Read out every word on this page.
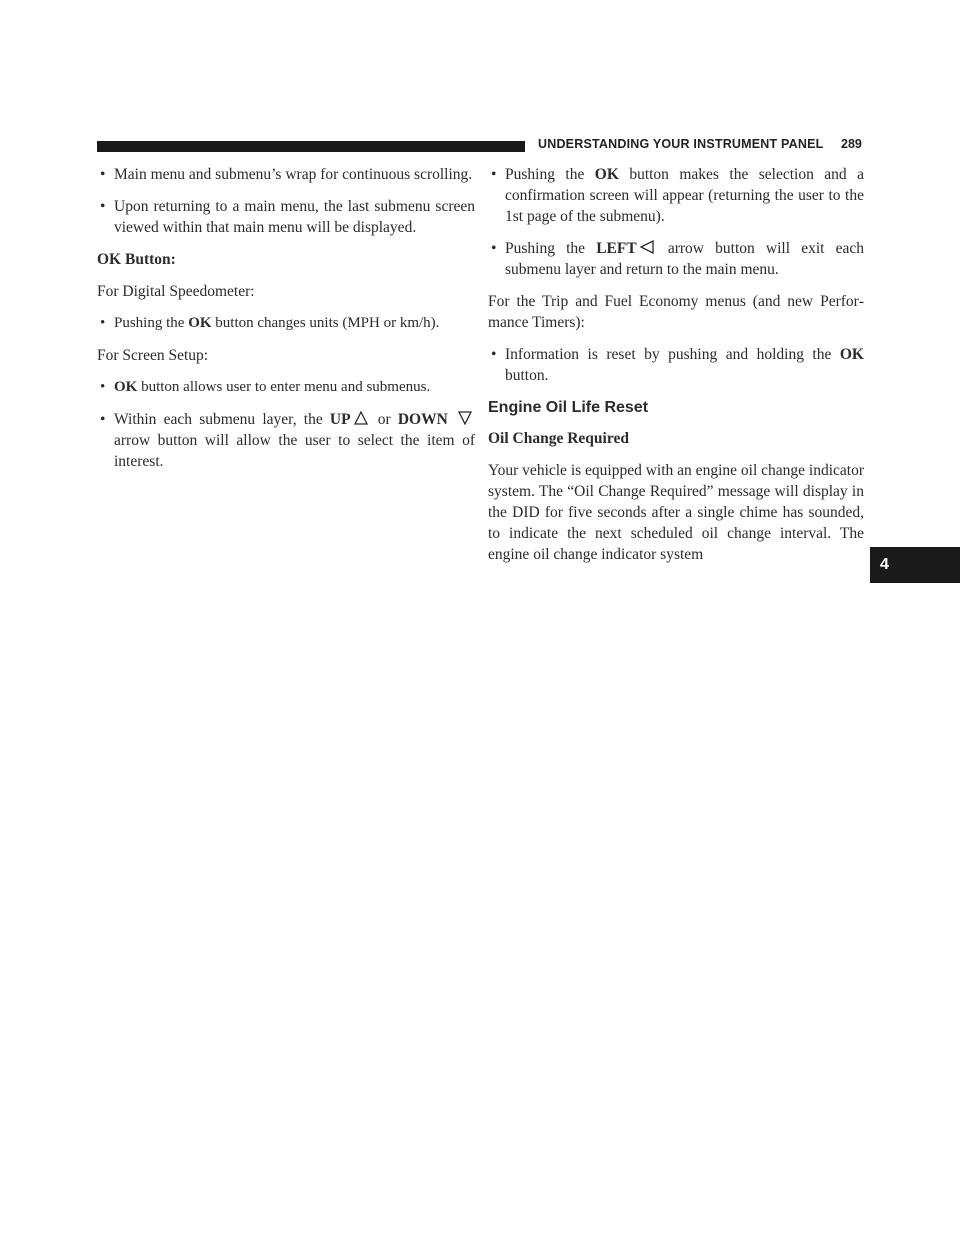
UNDERSTANDING YOUR INSTRUMENT PANEL 289
4
• Main menu and submenu’s wrap for continuous scrolling.
• Upon returning to a main menu, the last submenu screen viewed within that main menu will be displayed.

OK Button:

For Digital Speedometer:

• Pushing the OK button changes units (MPH or km/h).

For Screen Setup:

• OK button allows user to enter menu and submenus.
• Within each submenu layer, the UP
or DOWN
arrow button will allow the user to select the item of interest.
• Pushing the OK button makes the selection and a confirmation screen will appear (returning the user to the 1st page of the submenu).
• Pushing the LEFT
arrow button will exit each submenu layer and return to the main menu.

For the Trip and Fuel Economy menus (and new Performance Timers):

• Information is reset by pushing and holding the OK button.
Engine Oil Life Reset

Oil Change Required

Your vehicle is equipped with an engine oil change indicator system. The “Oil Change Required” message will display in the DID for five seconds after a single chime has sounded, to indicate the next scheduled oil change interval. The engine oil change indicator system
